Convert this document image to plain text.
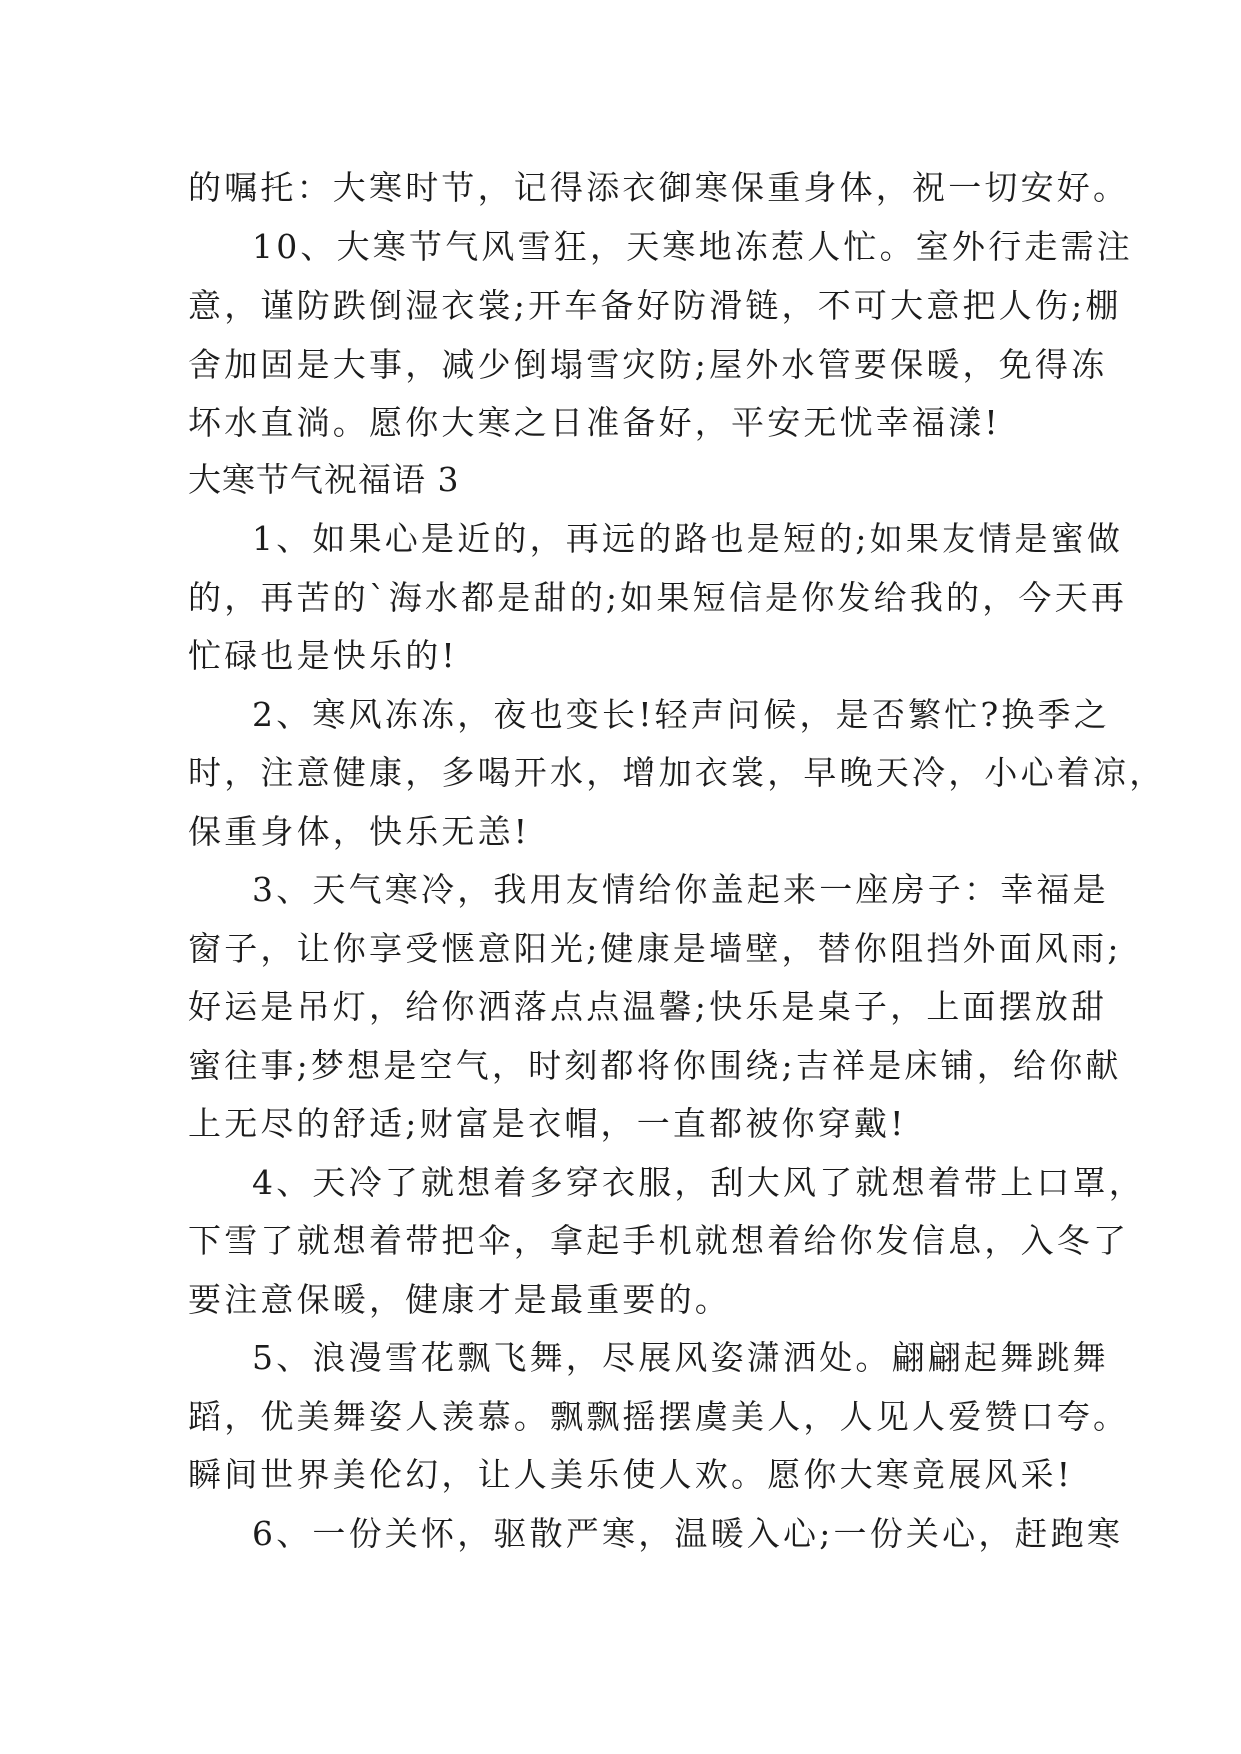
的嘱托：大寒时节，记得添衣御寒保重身体，祝一切安好。
10、大寒节气风雪狂，天寒地冻惹人忙。室外行走需注
意，谨防跌倒湿衣裳;开车备好防滑链，不可大意把人伤;棚
舍加固是大事，减少倒塌雪灾防;屋外水管要保暖，免得冻
坏水直淌。愿你大寒之日准备好，平安无忧幸福漾!
大寒节气祝福语 3
1、如果心是近的，再远的路也是短的;如果友情是蜜做
的，再苦的`海水都是甜的;如果短信是你发给我的，今天再
忙碌也是快乐的!
2、寒风冻冻，夜也变长!轻声问候，是否繁忙?换季之
时，注意健康，多喝开水，增加衣裳，早晚天冷，小心着凉，
保重身体，快乐无恙!
3、天气寒冷，我用友情给你盖起来一座房子：幸福是
窗子，让你享受惬意阳光;健康是墙壁，替你阻挡外面风雨;
好运是吊灯，给你洒落点点温馨;快乐是桌子，上面摆放甜
蜜往事;梦想是空气，时刻都将你围绕;吉祥是床铺，给你献
上无尽的舒适;财富是衣帽，一直都被你穿戴!
4、天冷了就想着多穿衣服，刮大风了就想着带上口罩，
下雪了就想着带把伞，拿起手机就想着给你发信息，入冬了
要注意保暖，健康才是最重要的。
5、浪漫雪花飘飞舞，尽展风姿潇洒处。翩翩起舞跳舞
蹈，优美舞姿人羡慕。飘飘摇摆虞美人，人见人爱赞口夸。
瞬间世界美伦幻，让人美乐使人欢。愿你大寒竟展风采!
6、一份关怀，驱散严寒，温暖入心;一份关心，赶跑寒
